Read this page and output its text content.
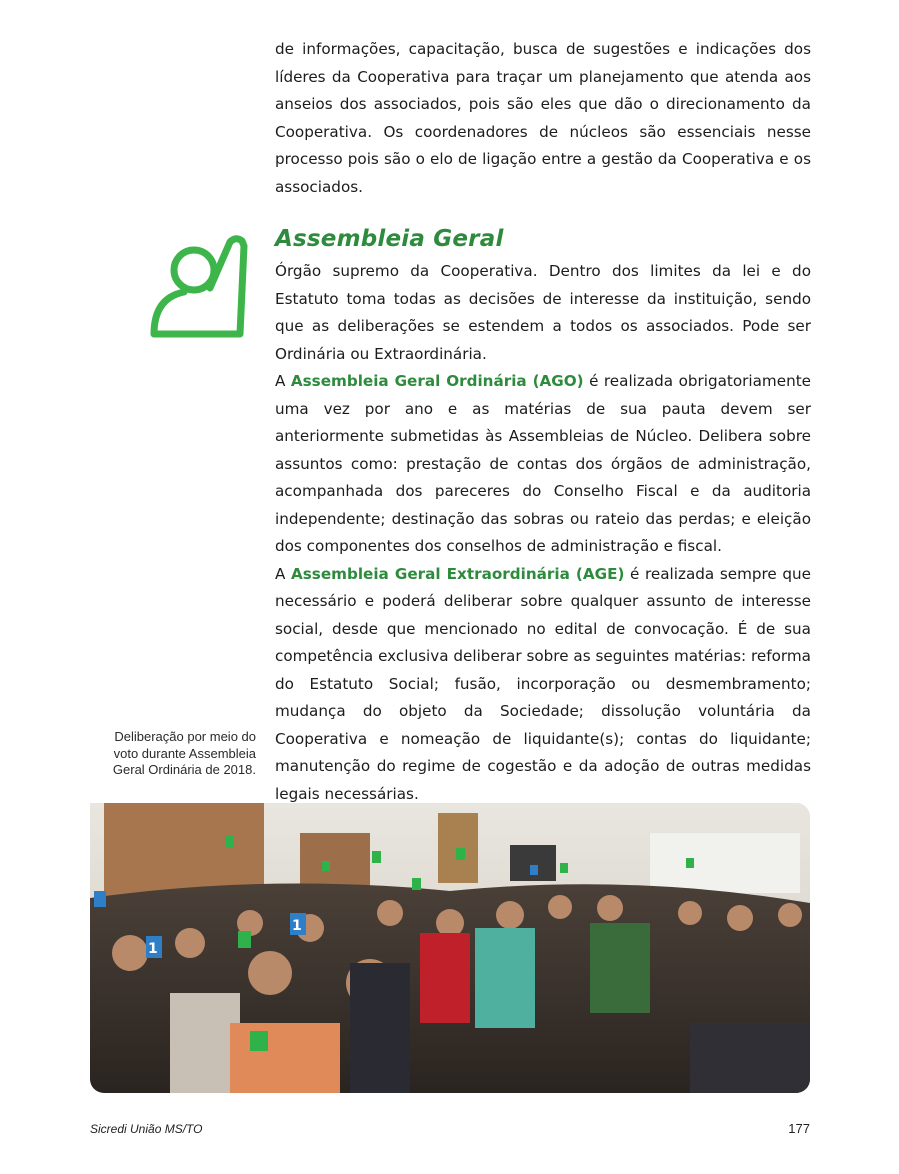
de informações, capacitação, busca de sugestões e indicações dos líderes da Cooperativa para traçar um planejamento que atenda aos anseios dos associados, pois são eles que dão o direcionamento da Cooperativa. Os coordenadores de núcleos são essenciais nesse processo pois são o elo de ligação entre a gestão da Cooperativa e os associados.

Assembleia Geral

Órgão supremo da Cooperativa. Dentro dos limites da lei e do Estatuto toma todas as decisões de interesse da instituição, sendo que as deliberações se estendem a todos os associados. Pode ser Ordinária ou Extraordinária.

A Assembleia Geral Ordinária (AGO) é realizada obrigatoriamente uma vez por ano e as matérias de sua pauta devem ser anteriormente submetidas às Assembleias de Núcleo. Delibera sobre assuntos como: prestação de contas dos órgãos de administração, acompanhada dos pareceres do Conselho Fiscal e da auditoria independente; destinação das sobras ou rateio das perdas; e eleição dos componentes dos conselhos de administração e fiscal.

A Assembleia Geral Extraordinária (AGE) é realizada sempre que necessário e poderá deliberar sobre qualquer assunto de interesse social, desde que mencionado no edital de convocação. É de sua competência exclusiva deliberar sobre as seguintes matérias: reforma do Estatuto Social; fusão, incorporação ou desmembramento; mudança do objeto da Sociedade; dissolução voluntária da Cooperativa e nomeação de liquidante(s); contas do liquidante; manutenção do regime de cogestão e da adoção de outras medidas legais necessárias.

Deliberação por meio do voto durante Assembleia Geral Ordinária de 2018.
1
1
Sicredi União MS/TO	177
